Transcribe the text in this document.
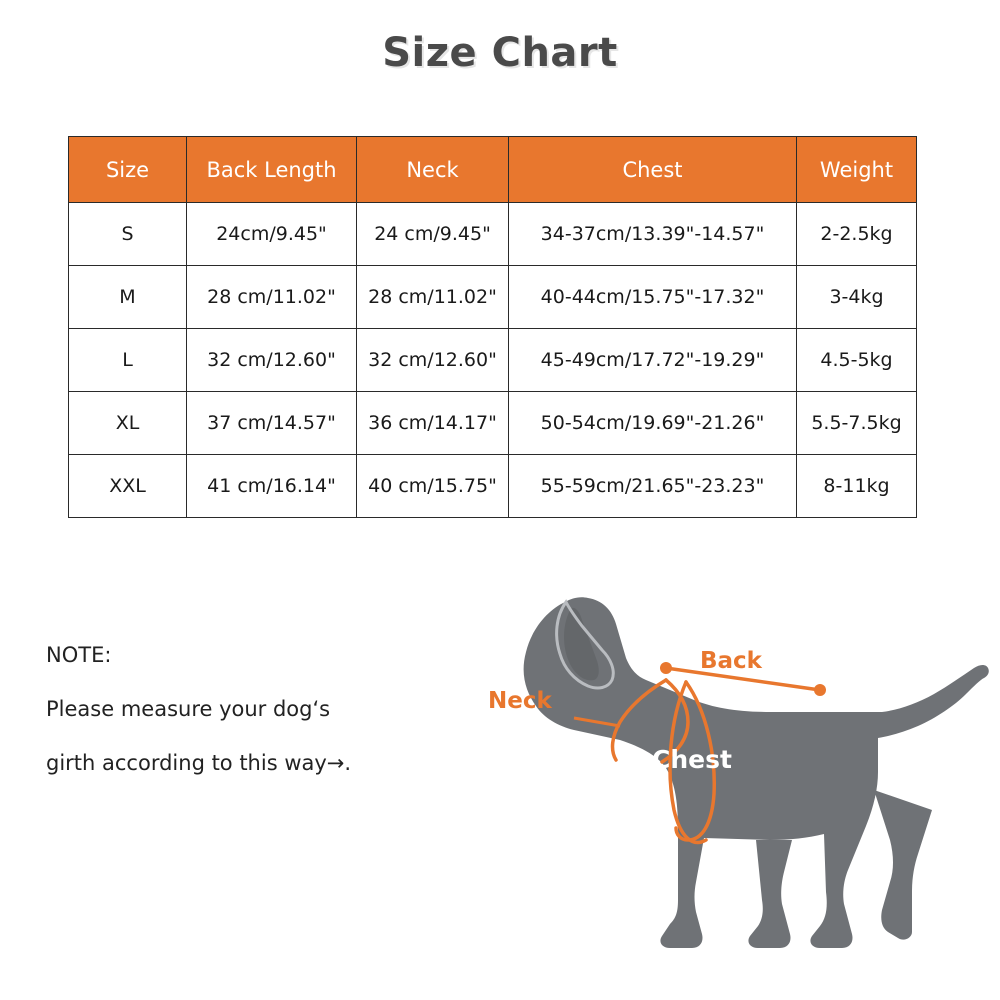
Size Chart
Size	Back Length	Neck	Chest	Weight
S	24cm/9.45"	24 cm/9.45"	34-37cm/13.39"-14.57"	2-2.5kg
M	28 cm/11.02"	28 cm/11.02"	40-44cm/15.75"-17.32"	3-4kg
L	32 cm/12.60"	32 cm/12.60"	45-49cm/17.72"-19.29"	4.5-5kg
XL	37 cm/14.57"	36 cm/14.17"	50-54cm/19.69"-21.26"	5.5-7.5kg
XXL	41 cm/16.14"	40 cm/15.75"	55-59cm/21.65"-23.23"	8-11kg
NOTE:
Please measure your dog‘s
girth according to this way→.
Neck
Back
Chest
